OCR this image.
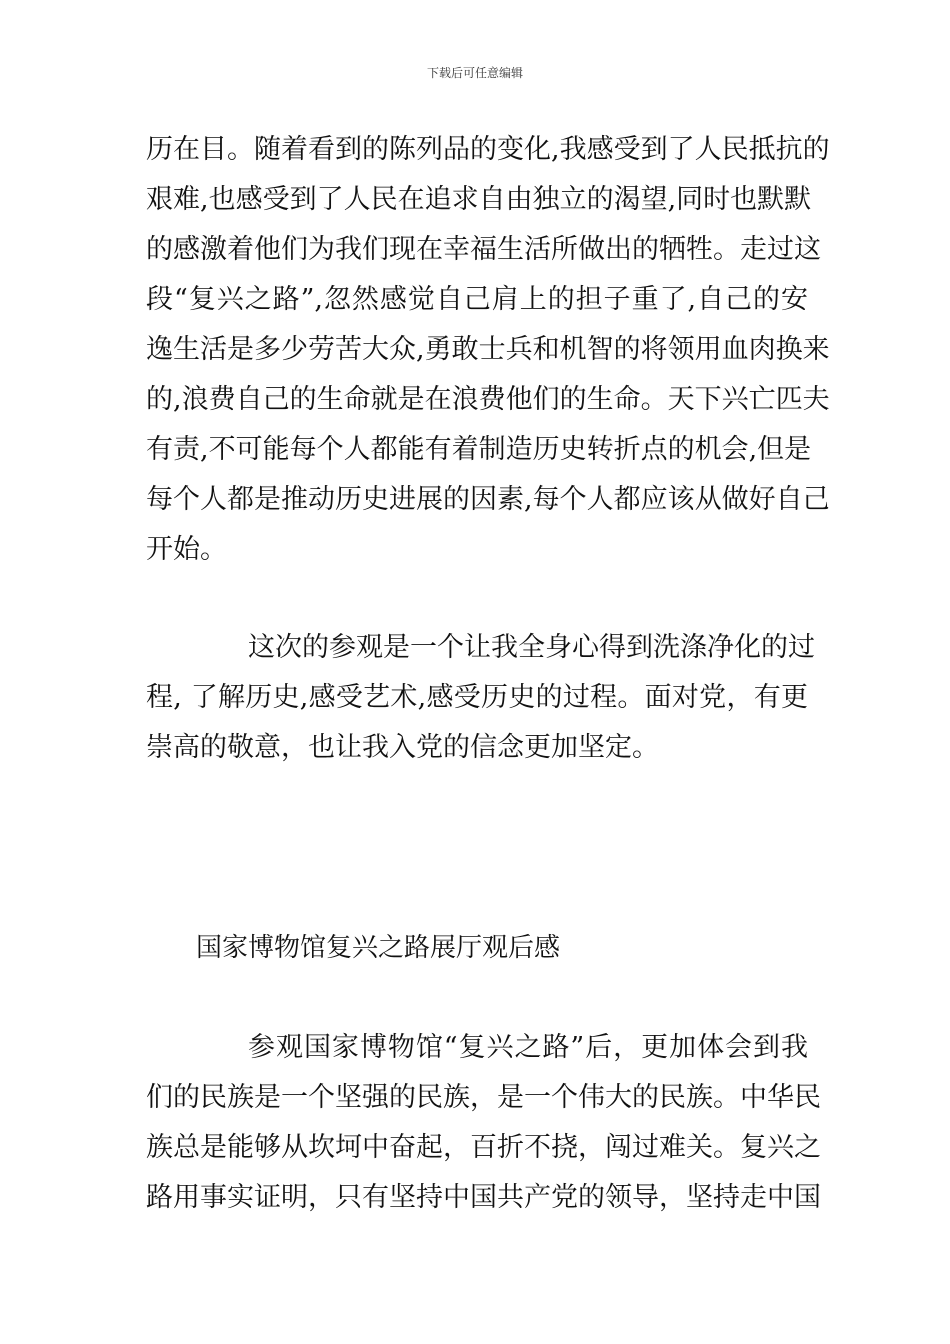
下载后可任意编辑
历在目。随着看到的陈列品的变化,我感受到了人民抵抗的
艰难,也感受到了人民在追求自由独立的渴望,同时也默默
的感激着他们为我们现在幸福生活所做出的牺牲。走过这
段“复兴之路”,忽然感觉自己肩上的担子重了,自己的安
逸生活是多少劳苦大众,勇敢士兵和机智的将领用血肉换来
的,浪费自己的生命就是在浪费他们的生命。天下兴亡匹夫
有责,不可能每个人都能有着制造历史转折点的机会,但是
每个人都是推动历史进展的因素,每个人都应该从做好自己
开始。
这次的参观是一个让我全身心得到洗涤净化的过
程, 了解历史,感受艺术,感受历史的过程。面对党，有更
崇高的敬意，也让我入党的信念更加坚定。
国家博物馆复兴之路展厅观后感
参观国家博物馆“复兴之路”后，更加体会到我
们的民族是一个坚强的民族，是一个伟大的民族。中华民
族总是能够从坎坷中奋起，百折不挠，闯过难关。复兴之
路用事实证明，只有坚持中国共产党的领导，坚持走中国
